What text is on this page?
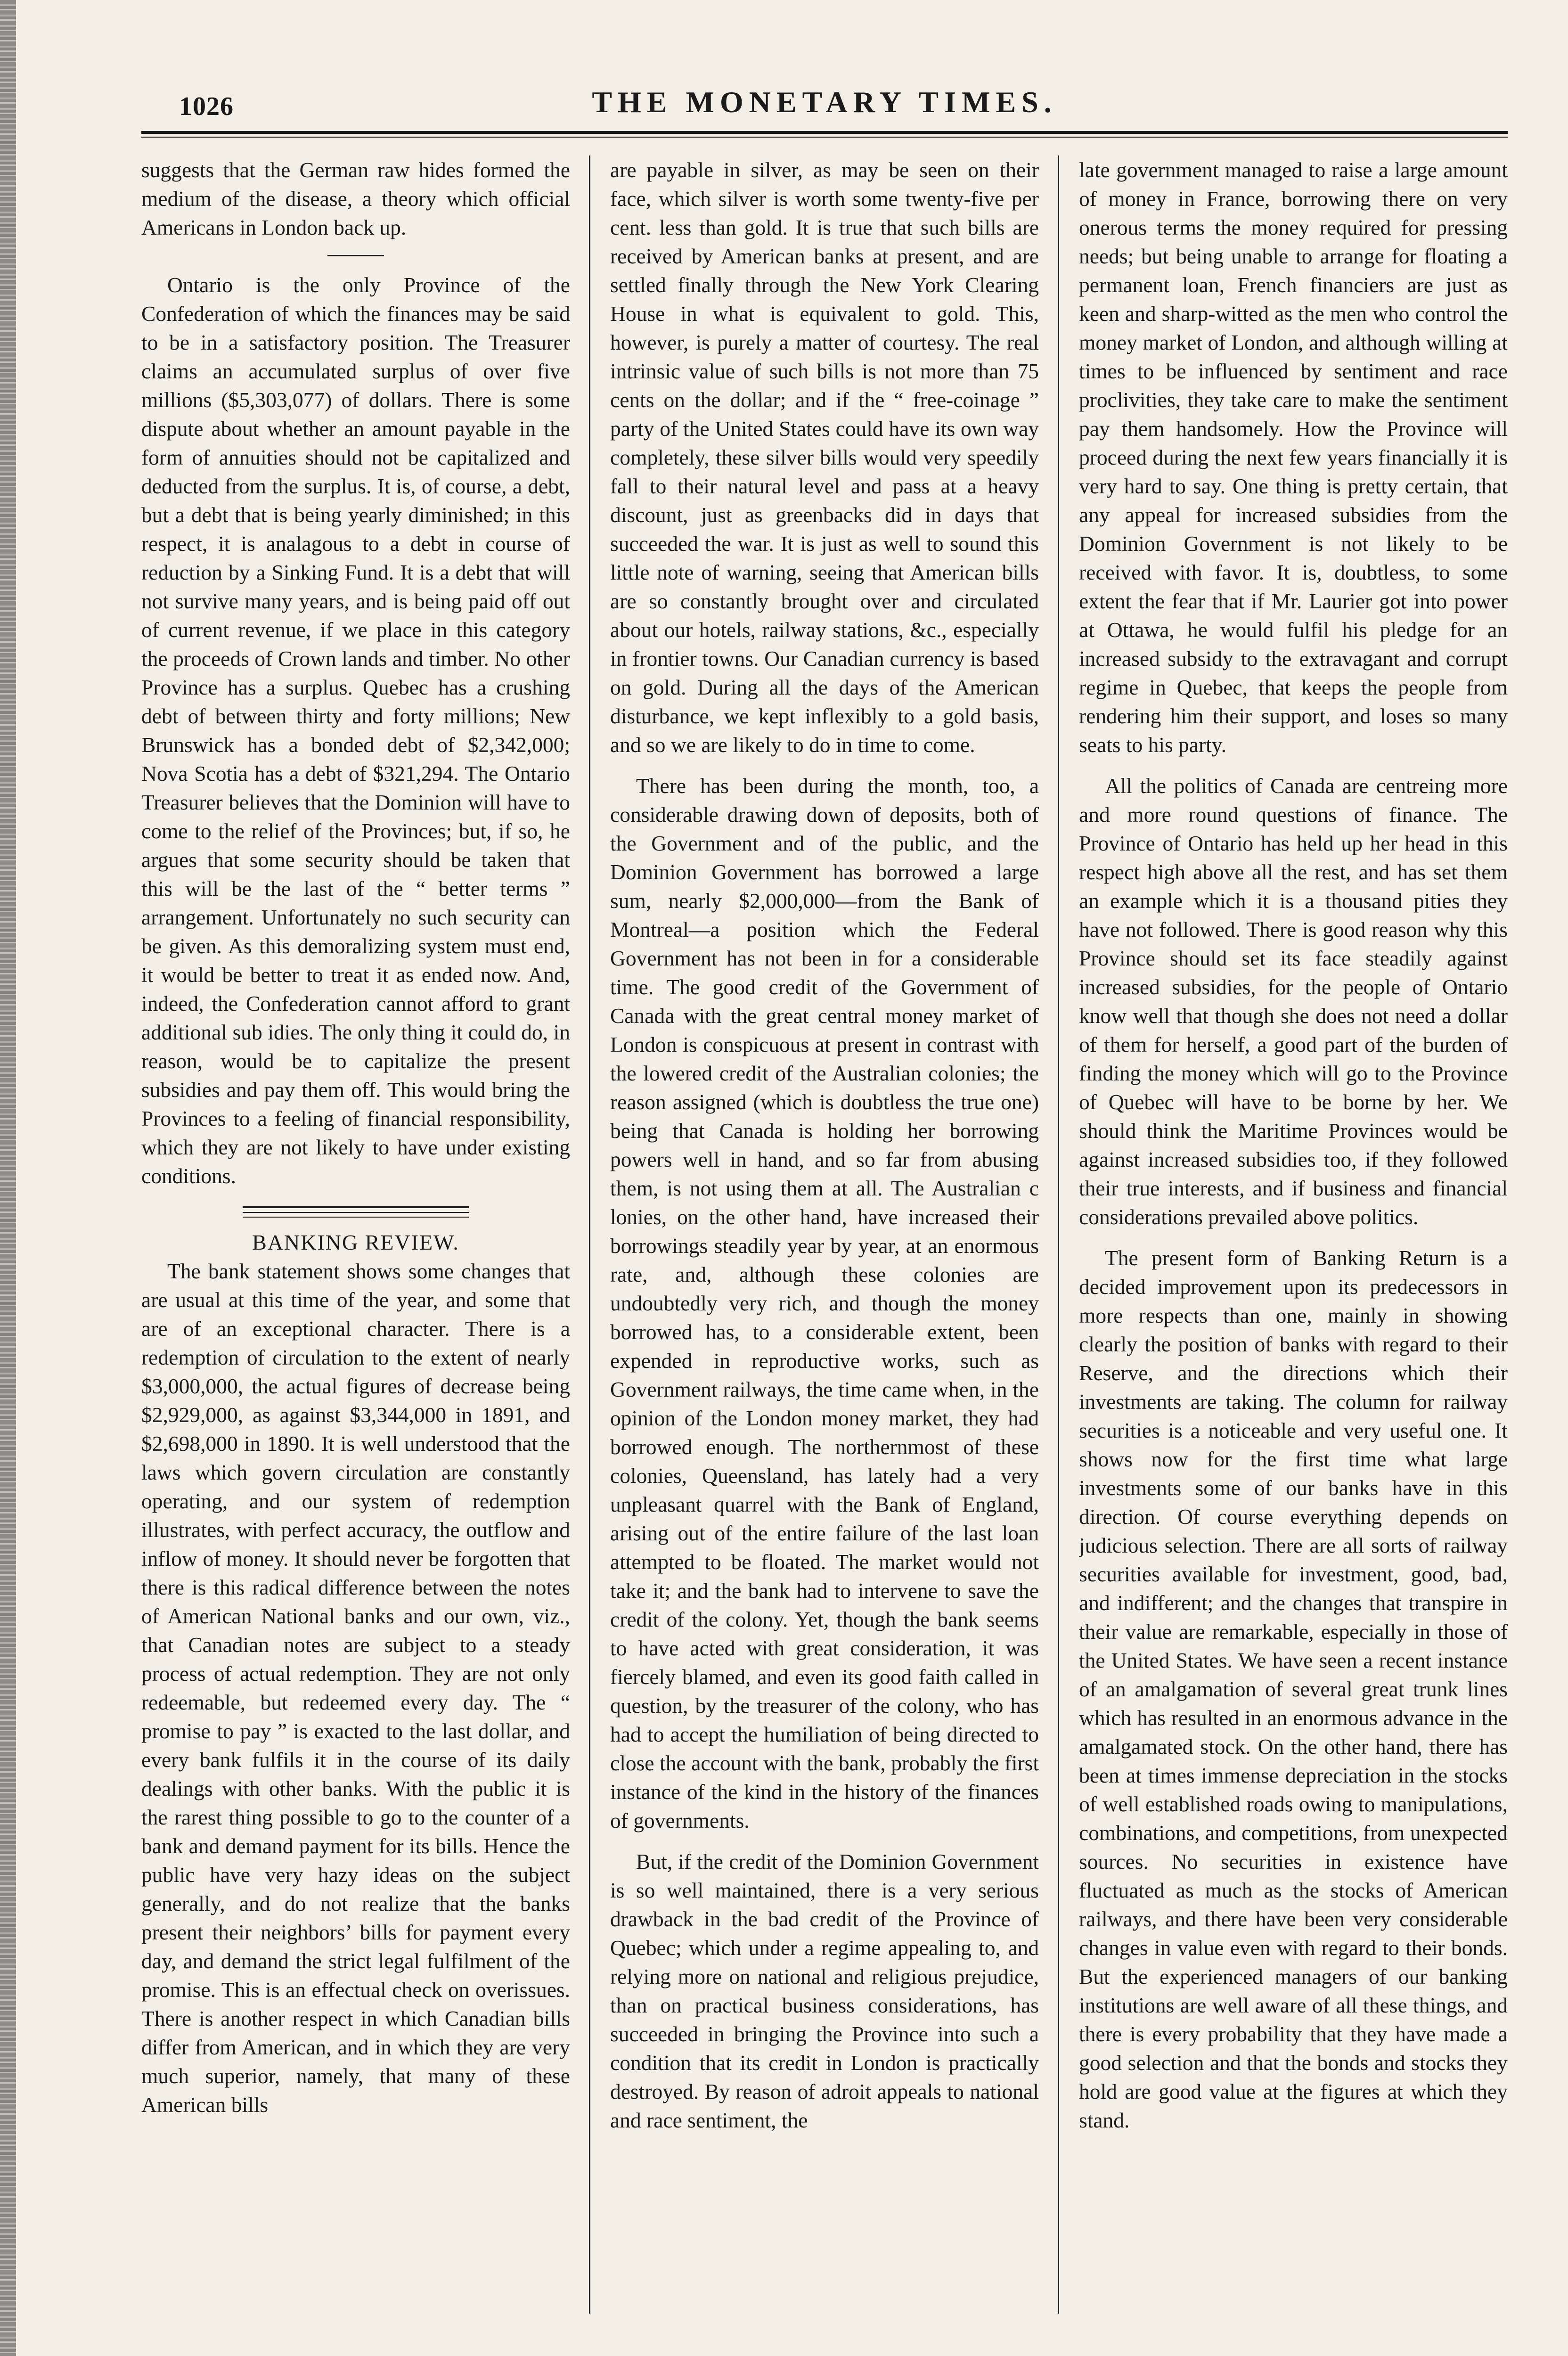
1026	THE MONETARY TIMES.

suggests that the German raw hides formed the medium of the disease, a theory which official Americans in London back up.

Ontario is the only Province of the Confederation of which the finances may be said to be in a satisfactory position. The Treasurer claims an accumulated surplus of over five millions ($5,303,077) of dollars. There is some dispute about whether an amount payable in the form of annuities should not be capitalized and deducted from the surplus. It is, of course, a debt, but a debt that is being yearly diminished; in this respect, it is analagous to a debt in course of reduction by a Sinking Fund. It is a debt that will not survive many years, and is being paid off out of current revenue, if we place in this category the proceeds of Crown lands and timber. No other Province has a surplus. Quebec has a crushing debt of between thirty and forty millions; New Brunswick has a bonded debt of $2,342,000; Nova Scotia has a debt of $321,294. The Ontario Treasurer believes that the Dominion will have to come to the relief of the Provinces; but, if so, he argues that some security should be taken that this will be the last of the “ better terms ” arrangement. Unfortunately no such security can be given. As this demoralizing system must end, it would be better to treat it as ended now. And, indeed, the Confederation cannot afford to grant additional sub idies. The only thing it could do, in reason, would be to capitalize the present subsidies and pay them off. This would bring the Provinces to a feeling of financial responsibility, which they are not likely to have under existing conditions.

BANKING REVIEW.

The bank statement shows some changes that are usual at this time of the year, and some that are of an exceptional character. There is a redemption of circulation to the extent of nearly $3,000,000, the actual figures of decrease being $2,929,000, as against $3,344,000 in 1891, and $2,698,000 in 1890. It is well understood that the laws which govern circulation are constantly operating, and our system of redemption illustrates, with perfect accuracy, the outflow and inflow of money. It should never be forgotten that there is this radical difference between the notes of American National banks and our own, viz., that Canadian notes are subject to a steady process of actual redemption. They are not only redeemable, but redeemed every day. The “ promise to pay ” is exacted to the last dollar, and every bank fulfils it in the course of its daily dealings with other banks. With the public it is the rarest thing possible to go to the counter of a bank and demand payment for its bills. Hence the public have very hazy ideas on the subject generally, and do not realize that the banks present their neighbors’ bills for payment every day, and demand the strict legal fulfilment of the promise. This is an effectual check on overissues. There is another respect in which Canadian bills differ from American, and in which they are very much superior, namely, that many of these American bills

are payable in silver, as may be seen on their face, which silver is worth some twenty-five per cent. less than gold. It is true that such bills are received by American banks at present, and are settled finally through the New York Clearing House in what is equivalent to gold. This, however, is purely a matter of courtesy. The real intrinsic value of such bills is not more than 75 cents on the dollar; and if the “ free-coinage ” party of the United States could have its own way completely, these silver bills would very speedily fall to their natural level and pass at a heavy discount, just as greenbacks did in days that succeeded the war. It is just as well to sound this little note of warning, seeing that American bills are so constantly brought over and circulated about our hotels, railway stations, &c., especially in frontier towns. Our Canadian currency is based on gold. During all the days of the American disturbance, we kept inflexibly to a gold basis, and so we are likely to do in time to come.

There has been during the month, too, a considerable drawing down of deposits, both of the Government and of the public, and the Dominion Government has borrowed a large sum, nearly $2,000,000—from the Bank of Montreal—a position which the Federal Government has not been in for a considerable time. The good credit of the Government of Canada with the great central money market of London is conspicuous at present in contrast with the lowered credit of the Australian colonies; the reason assigned (which is doubtless the true one) being that Canada is holding her borrowing powers well in hand, and so far from abusing them, is not using them at all. The Australian c lonies, on the other hand, have increased their borrowings steadily year by year, at an enormous rate, and, although these colonies are undoubtedly very rich, and though the money borrowed has, to a considerable extent, been expended in reproductive works, such as Government railways, the time came when, in the opinion of the London money market, they had borrowed enough. The northernmost of these colonies, Queensland, has lately had a very unpleasant quarrel with the Bank of England, arising out of the entire failure of the last loan attempted to be floated. The market would not take it; and the bank had to intervene to save the credit of the colony. Yet, though the bank seems to have acted with great consideration, it was fiercely blamed, and even its good faith called in question, by the treasurer of the colony, who has had to accept the humiliation of being directed to close the account with the bank, probably the first instance of the kind in the history of the finances of governments.

But, if the credit of the Dominion Government is so well maintained, there is a very serious drawback in the bad credit of the Province of Quebec; which under a regime appealing to, and relying more on national and religious prejudice, than on practical business considerations, has succeeded in bringing the Province into such a condition that its credit in London is practically destroyed. By reason of adroit appeals to national and race sentiment, the

late government managed to raise a large amount of money in France, borrowing there on very onerous terms the money required for pressing needs; but being unable to arrange for floating a permanent loan, French financiers are just as keen and sharp-witted as the men who control the money market of London, and although willing at times to be influenced by sentiment and race proclivities, they take care to make the sentiment pay them handsomely. How the Province will proceed during the next few years financially it is very hard to say. One thing is pretty certain, that any appeal for increased subsidies from the Dominion Government is not likely to be received with favor. It is, doubtless, to some extent the fear that if Mr. Laurier got into power at Ottawa, he would fulfil his pledge for an increased subsidy to the extravagant and corrupt regime in Quebec, that keeps the people from rendering him their support, and loses so many seats to his party.

All the politics of Canada are centreing more and more round questions of finance. The Province of Ontario has held up her head in this respect high above all the rest, and has set them an example which it is a thousand pities they have not followed. There is good reason why this Province should set its face steadily against increased subsidies, for the people of Ontario know well that though she does not need a dollar of them for herself, a good part of the burden of finding the money which will go to the Province of Quebec will have to be borne by her. We should think the Maritime Provinces would be against increased subsidies too, if they followed their true interests, and if business and financial considerations prevailed above politics.

The present form of Banking Return is a decided improvement upon its predecessors in more respects than one, mainly in showing clearly the position of banks with regard to their Reserve, and the directions which their investments are taking. The column for railway securities is a noticeable and very useful one. It shows now for the first time what large investments some of our banks have in this direction. Of course everything depends on judicious selection. There are all sorts of railway securities available for investment, good, bad, and indifferent; and the changes that transpire in their value are remarkable, especially in those of the United States. We have seen a recent instance of an amalgamation of several great trunk lines which has resulted in an enormous advance in the amalgamated stock. On the other hand, there has been at times immense depreciation in the stocks of well established roads owing to manipulations, combinations, and competitions, from unexpected sources. No securities in existence have fluctuated as much as the stocks of American railways, and there have been very considerable changes in value even with regard to their bonds. But the experienced managers of our banking institutions are well aware of all these things, and there is every probability that they have made a good selection and that the bonds and stocks they hold are good value at the figures at which they stand.
